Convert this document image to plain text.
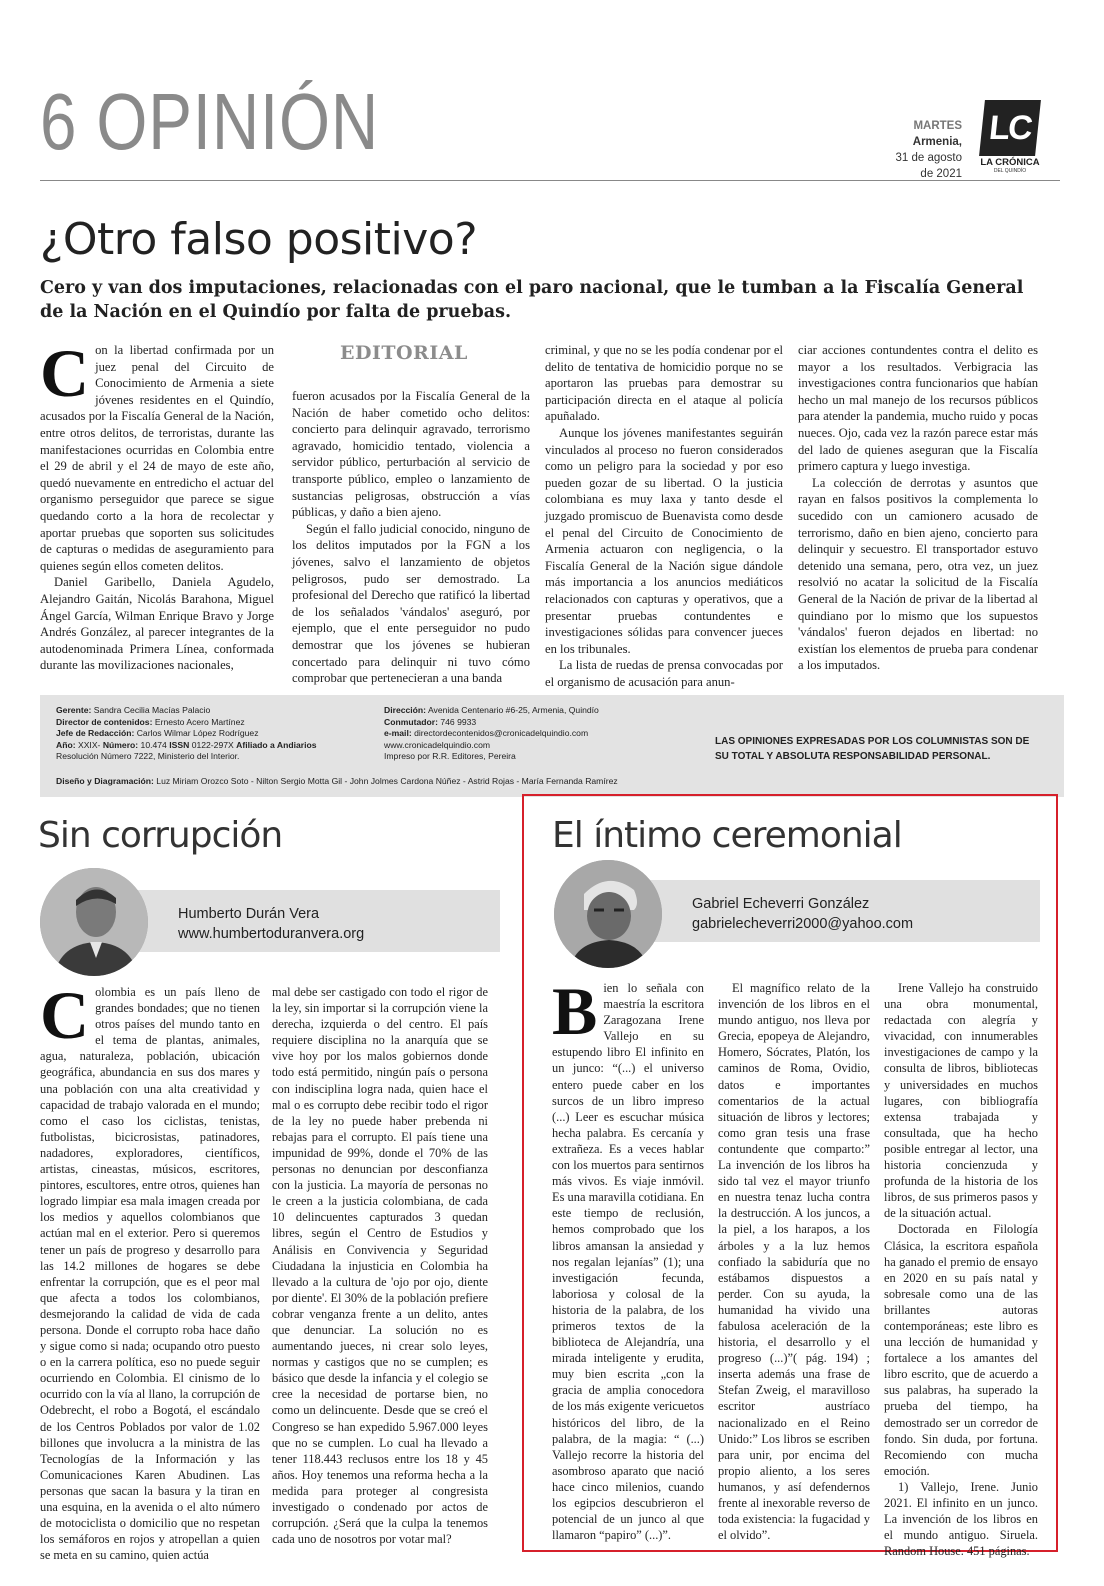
6 OPINIÓN	MARTES
Armenia,
31 de agosto
de 2021
LC
LA CRÓNICA
DEL QUINDÍO
¿Otro falso positivo?
Cero y van dos imputaciones, relacionadas con el paro nacional, que le tumban a la Fiscalía General de la Nación en el Quindío por falta de pruebas.
C on la libertad confirmada por un juez penal del Circuito de Conocimiento de Armenia a siete jóvenes residentes en el Quindío, acusados por la Fiscalía General de la Nación, entre otros delitos, de terroristas, durante las manifestaciones ocurridas en Colombia entre el 29 de abril y el 24 de mayo de este año, quedó nuevamente en entredicho el actuar del organismo perseguidor que parece se sigue quedando corto a la hora de recolectar y aportar pruebas que soporten sus solicitudes de capturas o medidas de aseguramiento para quienes según ellos cometen delitos.

Daniel Garibello, Daniela Agudelo, Alejandro Gaitán, Nicolás Barahona, Miguel Ángel García, Wilman Enrique Bravo y Jorge Andrés González, al parecer integrantes de la autodenominada Primera Línea, conformada durante las movilizaciones nacionales,

EDITORIAL

fueron acusados por la Fiscalía General de la Nación de haber cometido ocho delitos: concierto para delinquir agravado, terrorismo agravado, homicidio tentado, violencia a servidor público, perturbación al servicio de transporte público, empleo o lanzamiento de sustancias peligrosas, obstrucción a vías públicas, y daño a bien ajeno.

Según el fallo judicial conocido, ninguno de los delitos imputados por la FGN a los jóvenes, salvo el lanzamiento de objetos peligrosos, pudo ser demostrado. La profesional del Derecho que ratificó la libertad de los señalados 'vándalos' aseguró, por ejemplo, que el ente perseguidor no pudo demostrar que los jóvenes se hubieran concertado para delinquir ni tuvo cómo comprobar que pertenecieran a una banda

criminal, y que no se les podía condenar por el delito de tentativa de homicidio porque no se aportaron las pruebas para demostrar su participación directa en el ataque al policía apuñalado.

Aunque los jóvenes manifestantes seguirán vinculados al proceso no fueron considerados como un peligro para la sociedad y por eso pueden gozar de su libertad. O la justicia colombiana es muy laxa y tanto desde el juzgado promiscuo de Buenavista como desde el penal del Circuito de Conocimiento de Armenia actuaron con negligencia, o la Fiscalía General de la Nación sigue dándole más importancia a los anuncios mediáticos relacionados con capturas y operativos, que a presentar pruebas contundentes e investigaciones sólidas para convencer jueces en los tribunales.

La lista de ruedas de prensa convocadas por el organismo de acusación para anun-

ciar acciones contundentes contra el delito es mayor a los resultados. Verbigracia las investigaciones contra funcionarios que habían hecho un mal manejo de los recursos públicos para atender la pandemia, mucho ruido y pocas nueces. Ojo, cada vez la razón parece estar más del lado de quienes aseguran que la Fiscalía primero captura y luego investiga.

La colección de derrotas y asuntos que rayan en falsos positivos la complementa lo sucedido con un camionero acusado de terrorismo, daño en bien ajeno, concierto para delinquir y secuestro. El transportador estuvo detenido una semana, pero, otra vez, un juez resolvió no acatar la solicitud de la Fiscalía General de la Nación de privar de la libertad al quindiano por lo mismo que los supuestos 'vándalos' fueron dejados en libertad: no existían los elementos de prueba para condenar a los imputados.

Gerente: Sandra Cecilia Macías Palacio
Director de contenidos: Ernesto Acero Martínez
Jefe de Redacción: Carlos Wilmar López Rodríguez
Año: XXIX- Número: 10.474 ISSN 0122-297X Afiliado a Andiarios
Resolución Número 7222, Ministerio del Interior.
Dirección: Avenida Centenario #6-25, Armenia, Quindío
Conmutador: 746 9933
e-mail: directordecontenidos@cronicadelquindio.com
www.cronicadelquindio.com
Impreso por R.R. Editores, Pereira
Diseño y Diagramación: Luz Miriam Orozco Soto - Nilton Sergio Motta Gil - John Jolmes Cardona Núñez - Astrid Rojas - María Fernanda Ramírez
LAS OPINIONES EXPRESADAS POR LOS COLUMNISTAS SON DE SU TOTAL Y ABSOLUTA RESPONSABILIDAD PERSONAL.
Sin corrupción
Humberto Durán Vera
www.humbertoduranvera.org
C olombia es un país lleno de grandes bondades; que no tienen otros países del mundo tanto en el tema de plantas, animales, agua, naturaleza, población, ubicación geográfica, abundancia en sus dos mares y una población con una alta creatividad y capacidad de trabajo valorada en el mundo; como el caso los ciclistas, tenistas, futbolistas, bicicrosistas, patinadores, nadadores, exploradores, científicos, artistas, cineastas, músicos, escritores, pintores, escultores, entre otros, quienes han logrado limpiar esa mala imagen creada por los medios y aquellos colombianos que actúan mal en el exterior. Pero si queremos tener un país de progreso y desarrollo para las 14.2 millones de hogares se debe enfrentar la corrupción, que es el peor mal que afecta a todos los colombianos, desmejorando la calidad de vida de cada persona. Donde el corrupto roba hace daño y sigue como si nada; ocupando otro puesto o en la carrera política, eso no puede seguir ocurriendo en Colombia. El cinismo de lo ocurrido con la vía al llano, la corrupción de Odebrecht, el robo a Bogotá, el escándalo de los Centros Poblados por valor de 1.02 billones que involucra a la ministra de las Tecnologías de la Información y las Comunicaciones Karen Abudinen. Las personas que sacan la basura y la tiran en una esquina, en la avenida o el alto número de motociclista o domicilio que no respetan los semáforos en rojos y atropellan a quien se meta en su camino, quien actúa

mal debe ser castigado con todo el rigor de la ley, sin importar si la corrupción viene la derecha, izquierda o del centro. El país requiere disciplina no la anarquía que se vive hoy por los malos gobiernos donde todo está permitido, ningún país o persona con indisciplina logra nada, quien hace el mal o es corrupto debe recibir todo el rigor de la ley no puede haber prebenda ni rebajas para el corrupto. El país tiene una impunidad de 99%, donde el 70% de las personas no denuncian por desconfianza con la justicia. La mayoría de personas no le creen a la justicia colombiana, de cada 10 delincuentes capturados 3 quedan libres, según el Centro de Estudios y Análisis en Convivencia y Seguridad Ciudadana la injusticia en Colombia ha llevado a la cultura de 'ojo por ojo, diente por diente'. El 30% de la población prefiere cobrar venganza frente a un delito, antes que denunciar. La solución no es aumentando jueces, ni crear solo leyes, normas y castigos que no se cumplen; es básico que desde la infancia y el colegio se cree la necesidad de portarse bien, no como un delincuente. Desde que se creó el Congreso se han expedido 5.967.000 leyes que no se cumplen. Lo cual ha llevado a tener 118.443 reclusos entre los 18 y 45 años. Hoy tenemos una reforma hecha a la medida para proteger al congresista investigado o condenado por actos de corrupción. ¿Será que la culpa la tenemos cada uno de nosotros por votar mal?

El íntimo ceremonial
Gabriel Echeverri González
gabrielecheverri2000@yahoo.com
B ien lo señala con maestría la escritora Zaragozana Irene Vallejo en su estupendo libro El infinito en un junco: “(...) el universo entero puede caber en los surcos de un libro impreso (...) Leer es escuchar música hecha palabra. Es cercanía y extrañeza. Es a veces hablar con los muertos para sentirnos más vivos. Es viaje inmóvil. Es una maravilla cotidiana. En este tiempo de reclusión, hemos comprobado que los libros amansan la ansiedad y nos regalan lejanías” (1); una investigación fecunda, laboriosa y colosal de la historia de la palabra, de los primeros textos de la biblioteca de Alejandría, una mirada inteligente y erudita, muy bien escrita „con la gracia de amplia conocedora de los más exigente vericuetos históricos del libro, de la palabra, de la magia: “ (...) Vallejo recorre la historia del asombroso aparato que nació hace cinco milenios, cuando los egipcios descubrieron el potencial de un junco al que llamaron “papiro” (...)”.

El magnífico relato de la invención de los libros en el mundo antiguo, nos lleva por Grecia, epopeya de Alejandro, Homero, Sócrates, Platón, los caminos de Roma, Ovidio, datos e importantes comentarios de la actual situación de libros y lectores; como gran tesis una frase contundente que comparto:” La invención de los libros ha sido tal vez el mayor triunfo en nuestra tenaz lucha contra la destrucción. A los juncos, a la piel, a los harapos, a los árboles y a la luz hemos confiado la sabiduría que no estábamos dispuestos a perder. Con su ayuda, la humanidad ha vivido una fabulosa aceleración de la historia, el desarrollo y el progreso (...)”( pág. 194) ; inserta además una frase de Stefan Zweig, el maravilloso escritor austríaco nacionalizado en el Reino Unido:” Los libros se escriben para unir, por encima del propio aliento, a los seres humanos, y así defendernos frente al inexorable reverso de toda existencia: la fugacidad y el olvido”.

Irene Vallejo ha construido una obra monumental, redactada con alegría y vivacidad, con innumerables investigaciones de campo y la consulta de libros, bibliotecas y universidades en muchos lugares, con bibliografía extensa trabajada y consultada, que ha hecho posible entregar al lector, una historia concienzuda y profunda de la historia de los libros, de sus primeros pasos y de la situación actual.

Doctorada en Filología Clásica, la escritora española ha ganado el premio de ensayo en 2020 en su país natal y sobresale como una de las brillantes autoras contemporáneas; este libro es una lección de humanidad y fortalece a los amantes del libro escrito, que de acuerdo a sus palabras, ha superado la prueba del tiempo, ha demostrado ser un corredor de fondo. Sin duda, por fortuna. Recomiendo con mucha emoción.

1) Vallejo, Irene. Junio 2021. El infinito en un junco. La invención de los libros en el mundo antiguo. Siruela. Random House. 451 páginas.
